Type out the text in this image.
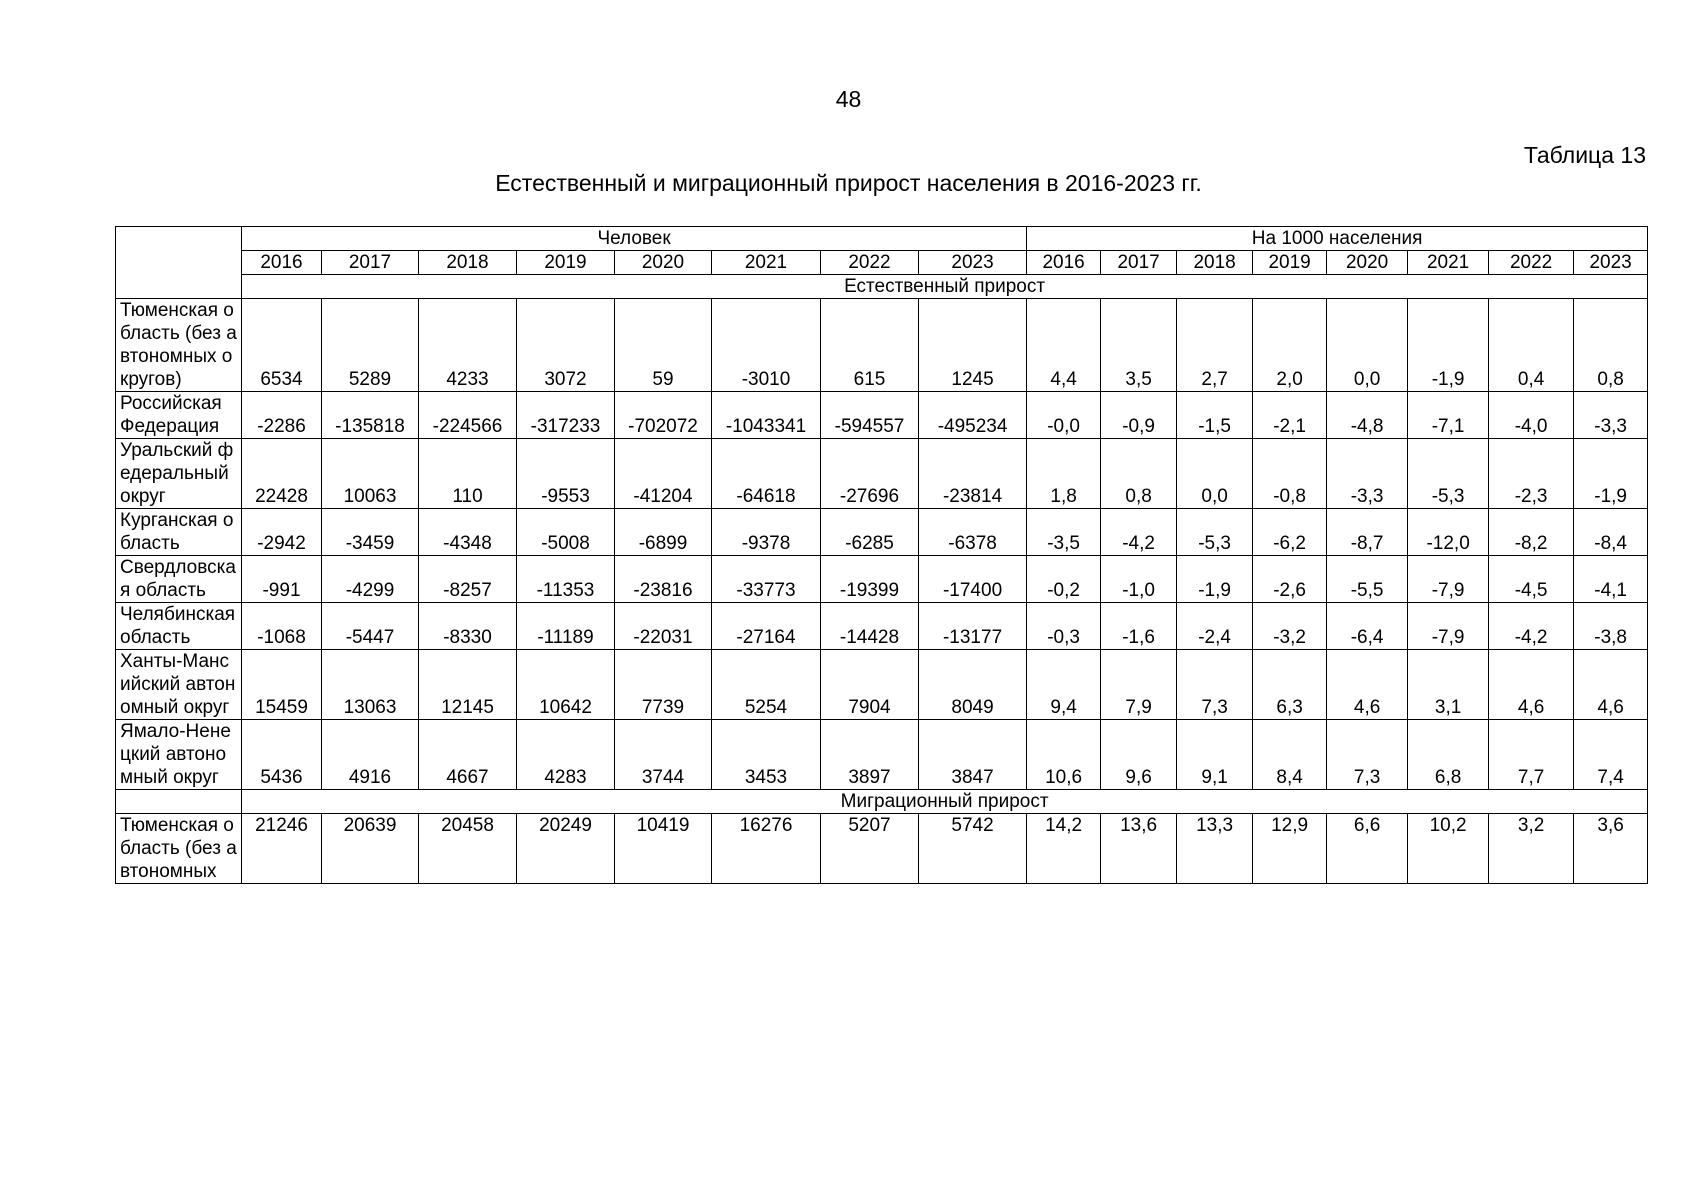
48
Таблица 13
Естественный и миграционный прирост населения в 2016-2023 гг.
	Человек								На 1000 населения							
	2016	2017	2018	2019	2020	2021	2022	2023	2016	2017	2018	2019	2020	2021	2022	2023
	Естественный прирост															
Тюменская область (без автономных округов)	6534	5289	4233	3072	59	-3010	615	1245	4,4	3,5	2,7	2,0	0,0	-1,9	0,4	0,8
Российская Федерация	-2286	-135818	-224566	-317233	-702072	-1043341	-594557	-495234	-0,0	-0,9	-1,5	-2,1	-4,8	-7,1	-4,0	-3,3
Уральский федеральный округ	22428	10063	110	-9553	-41204	-64618	-27696	-23814	1,8	0,8	0,0	-0,8	-3,3	-5,3	-2,3	-1,9
Курганская область	-2942	-3459	-4348	-5008	-6899	-9378	-6285	-6378	-3,5	-4,2	-5,3	-6,2	-8,7	-12,0	-8,2	-8,4
Свердловская область	-991	-4299	-8257	-11353	-23816	-33773	-19399	-17400	-0,2	-1,0	-1,9	-2,6	-5,5	-7,9	-4,5	-4,1
Челябинская область	-1068	-5447	-8330	-11189	-22031	-27164	-14428	-13177	-0,3	-1,6	-2,4	-3,2	-6,4	-7,9	-4,2	-3,8
Ханты-Мансийский автономный округ	15459	13063	12145	10642	7739	5254	7904	8049	9,4	7,9	7,3	6,3	4,6	3,1	4,6	4,6
Ямало-Ненецкий автономный округ	5436	4916	4667	4283	3744	3453	3897	3847	10,6	9,6	9,1	8,4	7,3	6,8	7,7	7,4
	Миграционный прирост															
Тюменская область (без автономных	21246	20639	20458	20249	10419	16276	5207	5742	14,2	13,6	13,3	12,9	6,6	10,2	3,2	3,6
